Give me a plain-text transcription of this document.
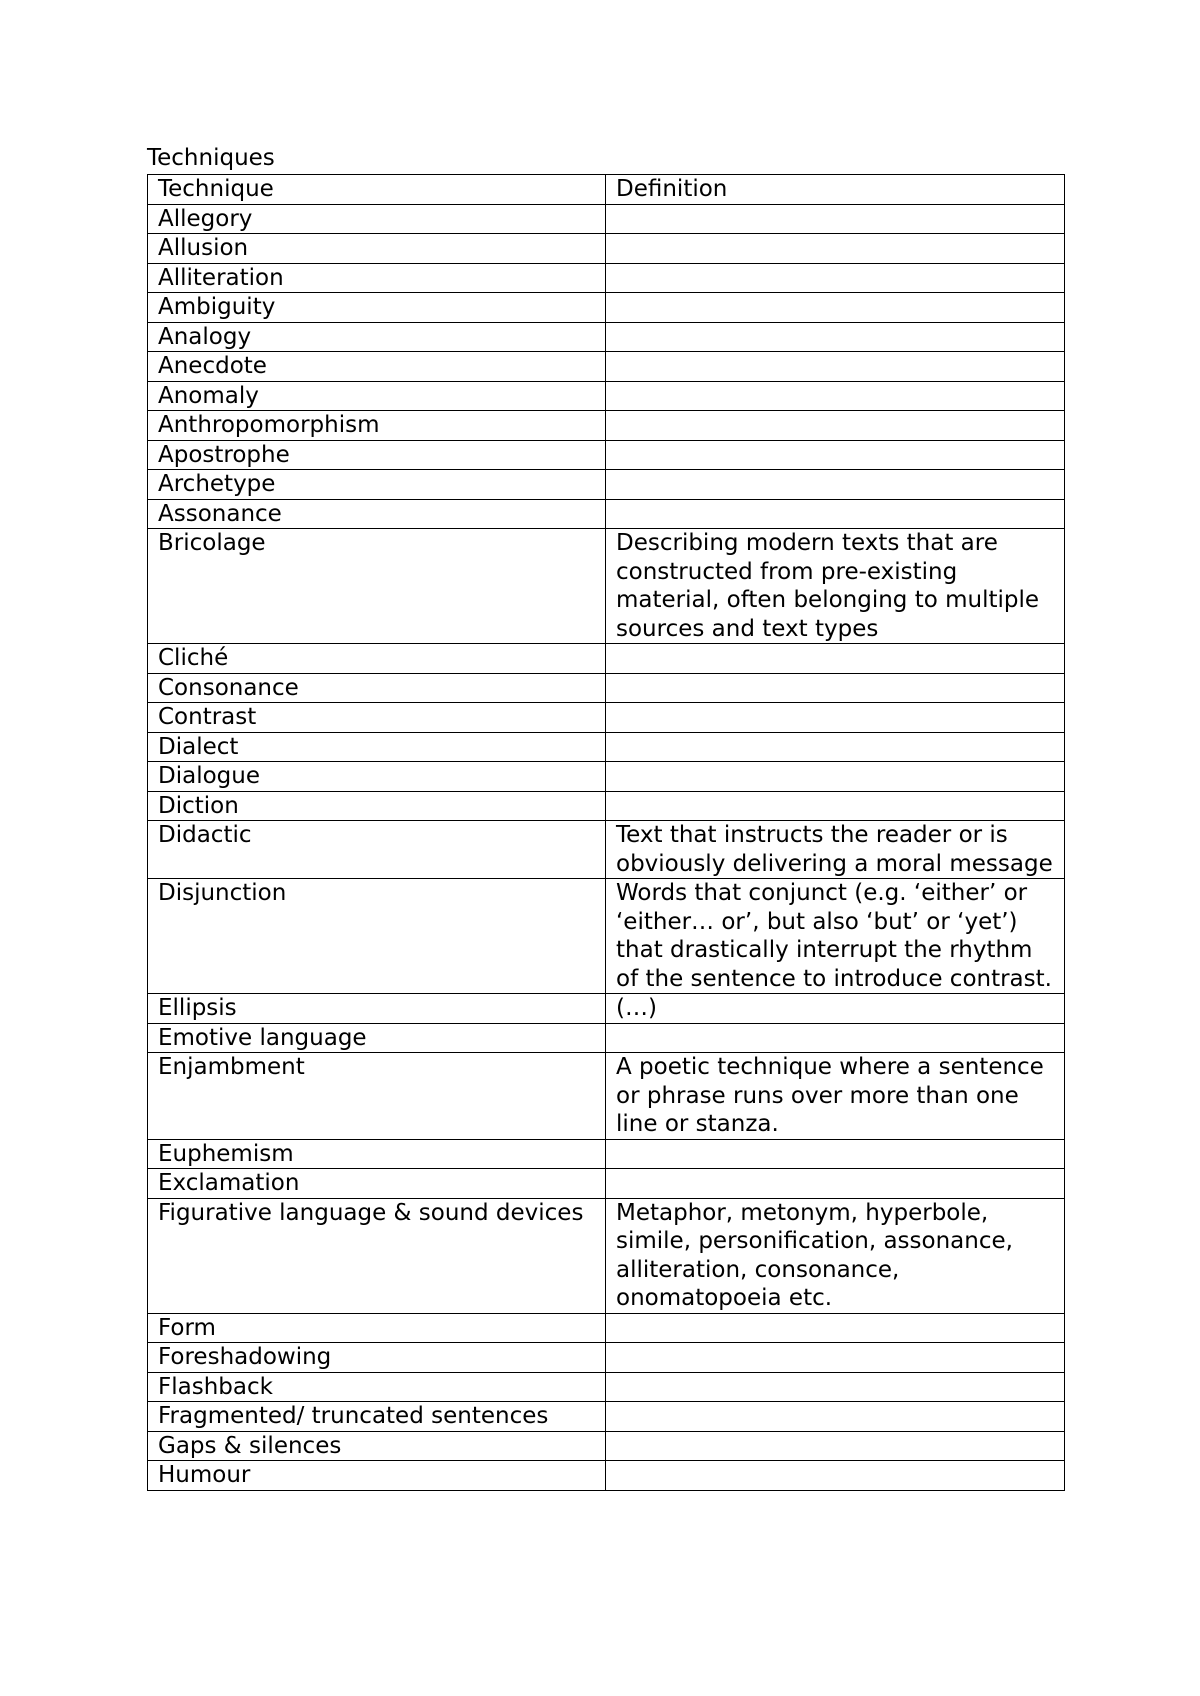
Techniques
Technique	Definition
Allegory	
Allusion	
Alliteration	
Ambiguity	
Analogy	
Anecdote	
Anomaly	
Anthropomorphism	
Apostrophe	
Archetype	
Assonance	
Bricolage	Describing modern texts that are constructed from pre-existing material, often belonging to multiple sources and text types
Cliché	
Consonance	
Contrast	
Dialect	
Dialogue	
Diction	
Didactic	Text that instructs the reader or is obviously delivering a moral message
Disjunction	Words that conjunct (e.g. ‘either’ or ‘either… or’, but also ‘but’ or ‘yet’) that drastically interrupt the rhythm of the sentence to introduce contrast.
Ellipsis	(…)
Emotive language	
Enjambment	A poetic technique where a sentence or phrase runs over more than one line or stanza.
Euphemism	
Exclamation	
Figurative language & sound devices	Metaphor, metonym, hyperbole, simile, personification, assonance, alliteration, consonance, onomatopoeia etc.
Form	
Foreshadowing	
Flashback	
Fragmented/ truncated sentences	
Gaps & silences	
Humour	
